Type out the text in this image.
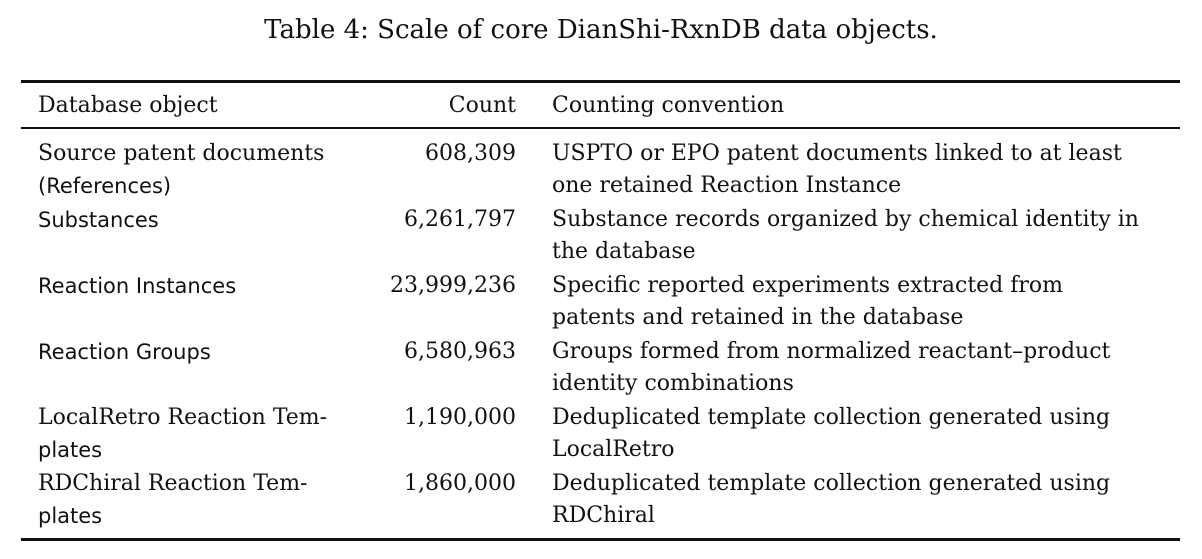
Table 4: Scale of core DianShi-RxnDB data objects.
Database object	Count Counting convention
Source patent documents
(References)
608,309 USPTO or EPO patent documents linked to at least
one retained Reaction Instance
Substances	6,261,797 Substance records organized by chemical identity in
the database
Reaction Instances	23,999,236 Specific reported experiments extracted from
patents and retained in the database
Reaction Groups	6,580,963 Groups formed from normalized reactant–product
identity combinations
LocalRetro Reaction Tem-
plates
1,190,000 Deduplicated template collection generated using
LocalRetro
RDChiral Reaction Tem-
plates
1,860,000 Deduplicated template collection generated using
RDChiral
